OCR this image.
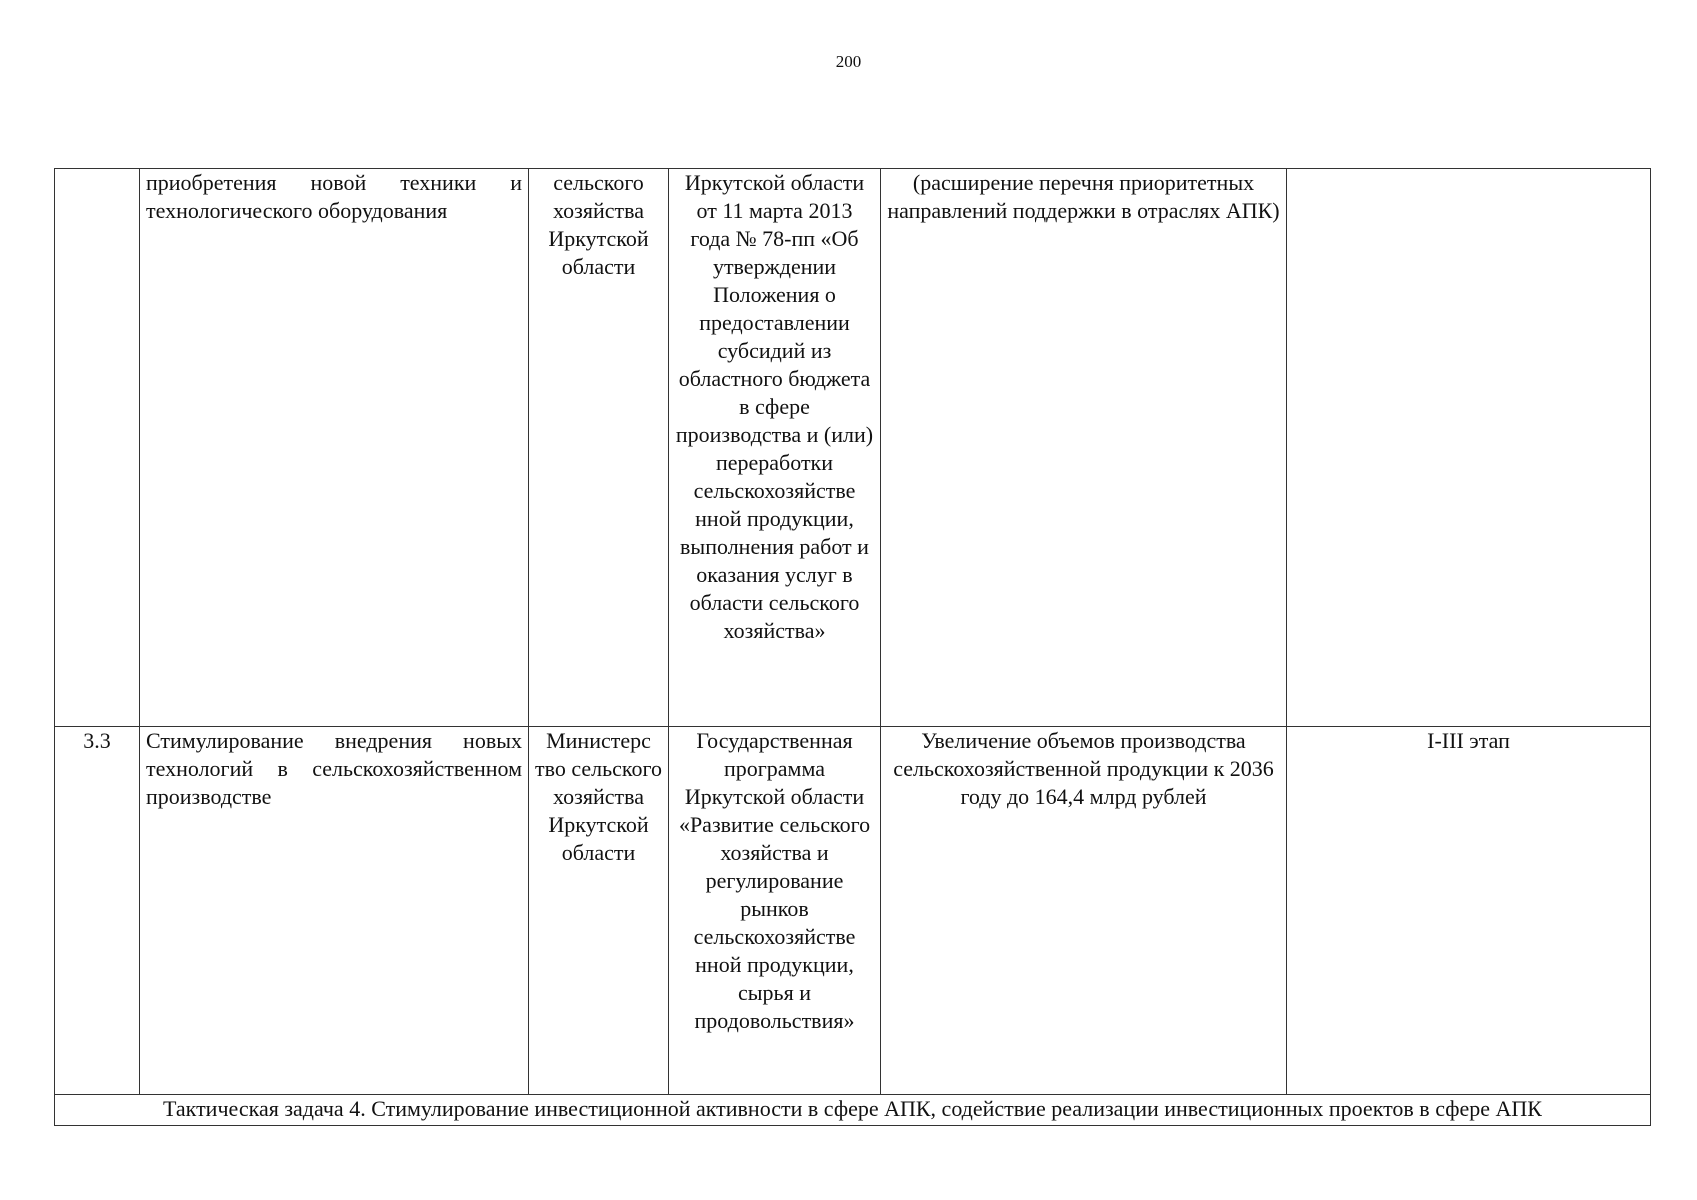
200
	приобретения новой техники и технологического оборудования	сельского хозяйства Иркутской области	Иркутской области от 11 марта 2013 года № 78-пп «Об утверждении Положения о предоставлении субсидий из областного бюджета в сфере производства и (или) переработки сельскохозяйстве нной продукции, выполнения работ и оказания услуг в области сельского хозяйства»	(расширение перечня приоритетных направлений поддержки в отраслях АПК)	
3.3	Стимулирование внедрения новых технологий в сельскохозяйственном производстве	Министерс тво сельского хозяйства Иркутской области	Государственная программа Иркутской области «Развитие сельского хозяйства и регулирование рынков сельскохозяйстве нной продукции, сырья и продовольствия»	Увеличение объемов производства сельскохозяйственной продукции к 2036 году до 164,4 млрд рублей	I-III этап
Тактическая задача 4. Стимулирование инвестиционной активности в сфере АПК, содействие реализации инвестиционных проектов в сфере АПК					
